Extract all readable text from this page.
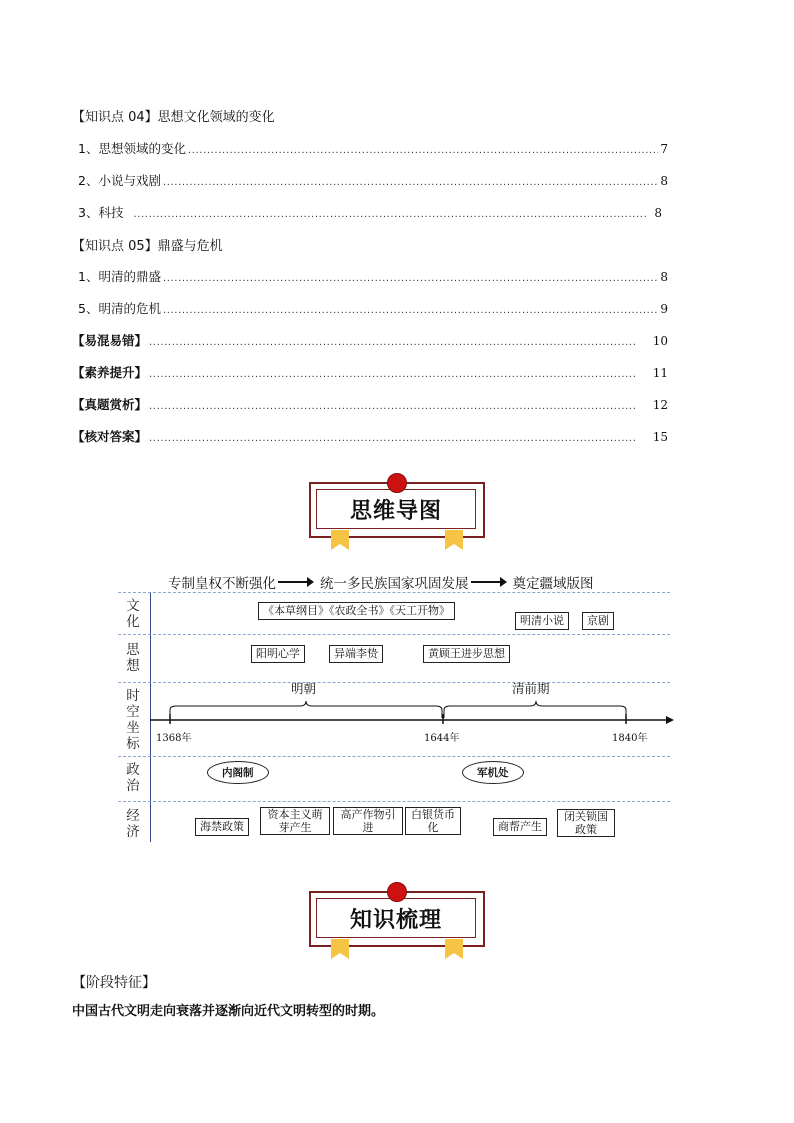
【知识点 04】思想文化领域的变化
1、思想领域的变化 .....	7
2、小说与戏剧 .....	8
3、科技 .....	8
【知识点 05】鼎盛与危机
1、明清的鼎盛 .....	8
5、明清的危机 .....	9
【易混易错】 .....	10
【素养提升】 .....	11
【真题赏析】 .....	12
【核对答案】 .....	15
思维导图
专制皇权不断强化	统一多民族国家巩固发展	奠定疆域版图
文化
思想
时空坐标
政治
经济
《本草纲目》《农政全书》《天工开物》
明清小说	京剧
阳明心学	异端李贽	黄顾王进步思想
明朝	清前期
1368年	1644年	1840年
内阁制	军机处
海禁政策
资本主义萌芽产生
高产作物引进
白银货币化	商帮产生
闭关锁国政策
知识梳理
【阶段特征】
中国古代文明走向衰落并逐渐向近代文明转型的时期。
